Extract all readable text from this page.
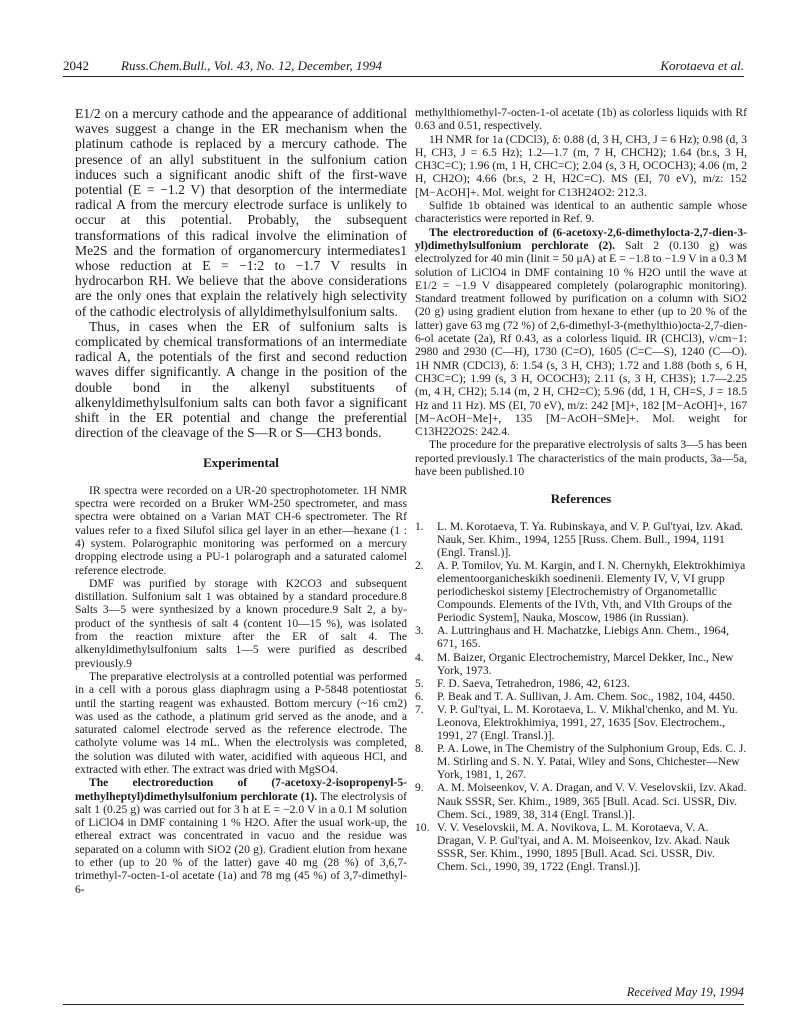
2042 Russ.Chem.Bull., Vol. 43, No. 12, December, 1994	Korotaeva et al.

E1/2 on a mercury cathode and the appearance of additional waves suggest a change in the ER mechanism when the platinum cathode is replaced by a mercury cathode. The presence of an allyl substituent in the sulfonium cation induces such a significant anodic shift of the first-wave potential (E = −1.2 V) that desorption of the intermediate radical A from the mercury electrode surface is unlikely to occur at this potential. Probably, the subsequent transformations of this radical involve the elimination of Me2S and the formation of organomercury intermediates1 whose reduction at E = −1:2 to −1.7 V results in hydrocarbon RH. We believe that the above considerations are the only ones that explain the relatively high selectivity of the cathodic electrolysis of allyldimethylsulfonium salts.

Thus, in cases when the ER of sulfonium salts is complicated by chemical transformations of an intermediate radical A, the potentials of the first and second reduction waves differ significantly. A change in the position of the double bond in the alkenyl substituents of alkenyldimethylsulfonium salts can both favor a significant shift in the ER potential and change the preferential direction of the cleavage of the S—R or S—CH3 bonds.

Experimental

IR spectra were recorded on a UR-20 spectrophotometer. 1H NMR spectra were recorded on a Bruker WM-250 spectrometer, and mass spectra were obtained on a Varian MAT CH-6 spectrometer. The Rf values refer to a fixed Silufol silica gel layer in an ether—hexane (1 : 4) system. Polarographic monitoring was performed on a mercury dropping electrode using a PU-1 polarograph and a saturated calomel reference electrode.

DMF was purified by storage with K2CO3 and subsequent distillation. Sulfonium salt 1 was obtained by a standard procedure.8 Salts 3—5 were synthesized by a known procedure.9 Salt 2, a by-product of the synthesis of salt 4 (content 10—15 %), was isolated from the reaction mixture after the ER of salt 4. The alkenyldimethylsulfonium salts 1—5 were purified as described previously.9

The preparative electrolysis at a controlled potential was performed in a cell with a porous glass diaphragm using a P-5848 potentiostat until the starting reagent was exhausted. Bottom mercury (~16 cm2) was used as the cathode, a platinum grid served as the anode, and a saturated calomel electrode served as the reference electrode. The catholyte volume was 14 mL. When the electrolysis was completed, the solution was diluted with water, acidified with aqueous HCl, and extracted with ether. The extract was dried with MgSO4.

The electroreduction of (7-acetoxy-2-isopropenyl-5-methylheptyl)dimethylsulfonium perchlorate (1). The electrolysis of salt 1 (0.25 g) was carried out for 3 h at E = −2.0 V in a 0.1 M solution of LiClO4 in DMF containing 1 % H2O. After the usual work-up, the ethereal extract was concentrated in vacuo and the residue was separated on a column with SiO2 (20 g). Gradient elution from hexane to ether (up to 20 % of the latter) gave 40 mg (28 %) of 3,6,7-trimethyl-7-octen-1-ol acetate (1a) and 78 mg (45 %) of 3,7-dimethyl-6-

methylthiomethyl-7-octen-1-ol acetate (1b) as colorless liquids with Rf 0.63 and 0.51, respectively.

1H NMR for 1a (CDCl3), δ: 0.88 (d, 3 H, CH3, J = 6 Hz); 0.98 (d, 3 H, CH3, J = 6.5 Hz); 1.2—1.7 (m, 7 H, CHCH2); 1.64 (br.s, 3 H, CH3C=C); 1.96 (m, 1 H, CHC=C); 2.04 (s, 3 H, OCOCH3); 4.06 (m, 2 H, CH2O); 4.66 (br.s, 2 H, H2C=C). MS (EI, 70 eV), m/z: 152 [M−AcOH]+. Mol. weight for C13H24O2: 212.3.

Sulfide 1b obtained was identical to an authentic sample whose characteristics were reported in Ref. 9.

The electroreduction of (6-acetoxy-2,6-dimethylocta-2,7-dien-3-yl)dimethylsulfonium perchlorate (2). Salt 2 (0.130 g) was electrolyzed for 40 min (Iinit = 50 μA) at E = −1.8 to −1.9 V in a 0.3 M solution of LiClO4 in DMF containing 10 % H2O until the wave at E1/2 = −1.9 V disappeared completely (polarographic monitoring). Standard treatment followed by purification on a column with SiO2 (20 g) using gradient elution from hexane to ether (up to 20 % of the latter) gave 63 mg (72 %) of 2,6-dimethyl-3-(methylthio)octa-2,7-dien-6-ol acetate (2a), Rf 0.43, as a colorless liquid. IR (CHCl3), ν/cm−1: 2980 and 2930 (C—H), 1730 (C=O), 1605 (C=C—S), 1240 (C—O). 1H NMR (CDCl3), δ: 1.54 (s, 3 H, CH3); 1.72 and 1.88 (both s, 6 H, CH3C=C); 1.99 (s, 3 H, OCOCH3); 2.11 (s, 3 H, CH3S); 1.7—2.25 (m, 4 H, CH2); 5.14 (m, 2 H, CH2=C); 5.96 (dd, 1 H, CH=S, J = 18.5 Hz and 11 Hz). MS (EI, 70 eV), m/z: 242 [M]+, 182 [M−AcOH]+, 167 [M−AcOH−Me]+, 135 [M−AcOH−SMe]+. Mol. weight for C13H22O2S: 242.4.

The procedure for the preparative electrolysis of salts 3—5 has been reported previously.1 The characteristics of the main products, 3a—5a, have been published.10

References
1. L. M. Korotaeva, T. Ya. Rubinskaya, and V. P. Gul'tyai, Izv. Akad. Nauk, Ser. Khim., 1994, 1255 [Russ. Chem. Bull., 1994, 1191 (Engl. Transl.)].
2. A. P. Tomilov, Yu. M. Kargin, and I. N. Chernykh, Elektrokhimiya elementoorganicheskikh soedinenii. Elementy IV, V, VI grupp periodicheskoi sistemy [Electrochemistry of Organometallic Compounds. Elements of the IVth, Vth, and VIth Groups of the Periodic System], Nauka, Moscow, 1986 (in Russian).
3. A. Luttringhaus and H. Machatzke, Liebigs Ann. Chem., 1964, 671, 165.
4. M. Baizer, Organic Electrochemistry, Marcel Dekker, Inc., New York, 1973.
5. F. D. Saeva, Tetrahedron, 1986, 42, 6123.
6. P. Beak and T. A. Sullivan, J. Am. Chem. Soc., 1982, 104, 4450.
7. V. P. Gul'tyai, L. M. Korotaeva, L. V. Mikhal'chenko, and M. Yu. Leonova, Elektrokhimiya, 1991, 27, 1635 [Sov. Electrochem., 1991, 27 (Engl. Transl.)].
8. P. A. Lowe, in The Chemistry of the Sulphonium Group, Eds. C. J. M. Stirling and S. N. Y. Patai, Wiley and Sons, Chichester—New York, 1981, 1, 267.
9. A. M. Moiseenkov, V. A. Dragan, and V. V. Veselovskii, Izv. Akad. Nauk SSSR, Ser. Khim., 1989, 365 [Bull. Acad. Sci. USSR, Div. Chem. Sci., 1989, 38, 314 (Engl. Transl.)].
10. V. V. Veselovskii, M. A. Novikova, L. M. Korotaeva, V. A. Dragan, V. P. Gul'tyai, and A. M. Moiseenkov, Izv. Akad. Nauk SSSR, Ser. Khim., 1990, 1895 [Bull. Acad. Sci. USSR, Div. Chem. Sci., 1990, 39, 1722 (Engl. Transl.)].
Received May 19, 1994
